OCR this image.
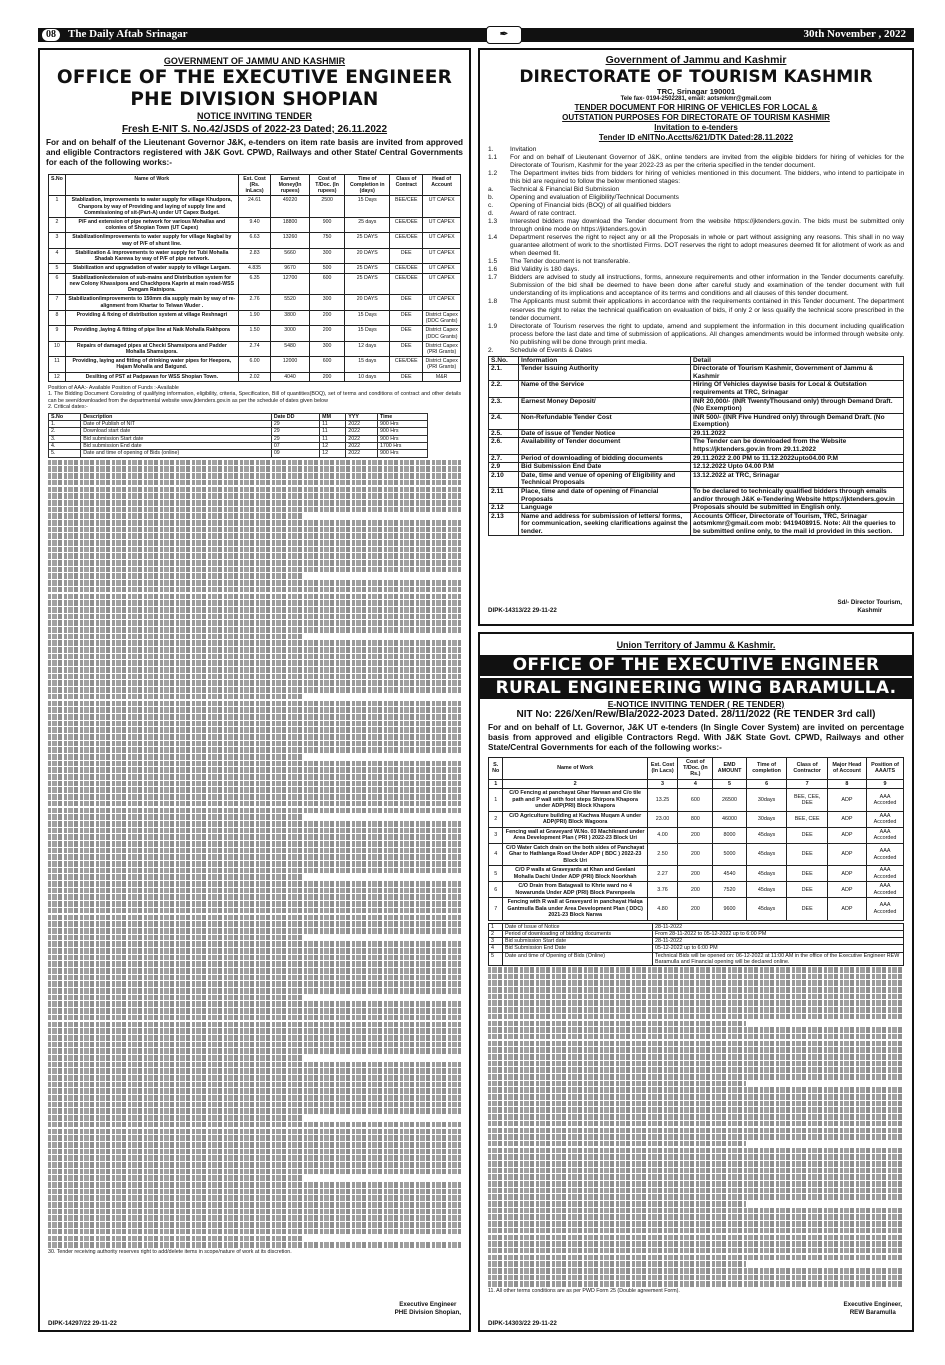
08	The Daily Aftab Srinagar	✒	30th November , 2022
GOVERNMENT OF JAMMU AND KASHMIR
OFFICE OF THE EXECUTIVE ENGINEER
PHE DIVISION SHOPIAN
NOTICE INVITING TENDER
Fresh E-NIT S. No.42/JSDS of 2022-23 Dated; 26.11.2022
For and on behalf of the Lieutenant Governor J&K, e-tenders on item rate basis are invited from approved and eligible Contractors registered with J&K Govt. CPWD, Railways and other State/ Central Governments for each of the following works:-
S.No	Name of Work	Est. Cost (Rs. inLacs)	Earnest Money(In rupees)	Cost of T/Doc. (In rupees)	Time of Completion in (days)	Class of Contract	Head of Account
1	Stablization, improvements to water supply for village Khudpora, Chanpora by way of Providing and laying of supply line and Commissioning of sit-(Part-A) under UT Capex Budget.	24.61	49220	2500	15 Days	BEE/CEE	UT CAPEX
2	P/F and extension of pipe network for various Mohallas and colonies of Shopian Town (UT Capex)	9.40	18800	900	25 days	CEE/DEE	UT CAPEX
3	Stabilization/improvements to water supply for village Nagbal by way of P/F of shunt line.	6.63	13260	750	25 DAYS	CEE/DEE	UT CAPEX
4	Stabilization & improvements to water supply for Tubi Mohalla Shadab Karewa by way of P/F of pipe network.	2.83	5660	300	20 DAYS	DEE	UT CAPEX
5	Stabilization and upgradation of water supply to village Largam.	4.835	9670	500	25 DAYS	CEE/DEE	UT CAPEX
6	Stabilization/extension of sub-mains and Distribution system for new Colony Khassipora and Chackhpora Kaprin at main road-WSS Dengam Ratnipora.	6.35	12700	600	25 DAYS	CEE/DEE	UT CAPEX
7	Stabilization/improvements to 150mm dia supply main by way of re-alignment from Khartar to Telwan Wuder .	2.76	5520	300	20 DAYS	DEE	UT CAPEX
8	Providing & fixing of distribution system at village Reshnagri	1.90	3800	200	15 Days	DEE	District Capex (DDC Grants)
9	Providing ,laying & fitting of pipe line at Naik Mohalla Rakhpora	1.50	3000	200	15 Days	DEE	District Capex (DDC Grants)
10	Repairs of damaged pipes at Checki Shamsipora and Padder Mohalla Shamsipora.	2.74	5480	300	12 days	DEE	District Capex (PRI Grants)
11	Providing, laying and fitting of drinking water pipes for Heepora, Hajam Mohalla and Batgund.	6.00	12000	600	15 days	CEE/DEE	District Capex (PRI Grants)
12	Desilting of PST at Padpawan for WSS Shopian Town.	2.02	4040	200	10 days	DEE	M&R
Position of AAA:- Available Position of Funds :-Available
1. The Bidding Document Consisting of qualifying information, eligibility, criteria, Specification, Bill of quantities(BOQ), set of terms and conditions of contract and other details can be seen/downloaded from the departmental website www.jktenders.gov.in as per the schedule of dates given below
2. Critical dates:-
S.No	Description	Date DD	MM	YYY	Time
1.	Date of Publish of NIT	29	11	2022	900 Hrs
2.	Download start date	29	11	2022	900 Hrs
3.	Bid submission Start date	29	11	2022	900 Hrs
4.	Bid submission End date	07	12	2022	1700 Hrs
5.	Date and time of opening of Bids (online)	09	12	2022	900 Hrs
30. Tender receiving authority reserves right to add/delete items in scope/nature of work at its discretion.
Executive Engineer
PHE Division Shopian,
DIPK-14297/22 29-11-22
Government of Jammu and Kashmir
DIRECTORATE OF TOURISM KASHMIR
TRC, Srinagar 190001
Tele fax- 0194-2502281, email: aotsmkmr@gmail.com
TENDER DOCUMENT FOR HIRING OF VEHICLES FOR LOCAL &
OUTSTATION PURPOSES FOR DIRECTORATE OF TOURISM KASHMIR
Invitation to e-tenders
Tender ID eNITNo.Acctts/621/DTK Dated:28.11.2022
1.	Invitation
1.1	For and on behalf of Lieutenant Governor of J&K, online tenders are invited from the eligible bidders for hiring of vehicles for the Directorate of Tourism, Kashmir for the year 2022-23 as per the criteria specified in the tender document.
1.2	The Department invites bids from bidders for hiring of vehicles mentioned in this document. The bidders, who intend to participate in this bid are required to follow the below mentioned stages:
a.	Technical & Financial Bid Submission
b.	Opening and evaluation of Eligibility/Technical Documents
c.	Opening of Financial bids (BOQ) of all qualified bidders
d.	Award of rate contract.
1.3	Interested bidders may download the Tender document from the website https://jktenders.gov.in. The bids must be submitted only through online mode on https://jktenders.gov.in
1.4	Department reserves the right to reject any or all the Proposals in whole or part without assigning any reasons. This shall in no way guarantee allotment of work to the shortlisted Firms. DOT reserves the right to adopt measures deemed fit for allotment of work as and when deemed fit.
1.5	The Tender document is not transferable.
1.6	Bid Validity is 180 days.
1.7	Bidders are advised to study all instructions, forms, annexure requirements and other information in the Tender documents carefully. Submission of the bid shall be deemed to have been done after careful study and examination of the tender document with full understanding of its implications and acceptance of its terms and conditions and all clauses of this tender document.
1.8	The Applicants must submit their applications in accordance with the requirements contained in this Tender document. The department reserves the right to relax the technical qualification on evaluation of bids, if only 2 or less qualify the technical score prescribed in the tender document.
1.9	Directorate of Tourism reserves the right to update, amend and supplement the information in this document including qualification process before the last date and time of submission of applications. All changes amendments would be informed through website only. No publishing will be done through print media.
2.	Schedule of Events & Dates
S.No.	Information	Detail
2.1.	Tender Issuing Authority	Directorate of Tourism Kashmir, Government of Jammu & Kashmir
2.2.	Name of the Service	Hiring Of Vehicles daywise basis for Local & Outstation requirements at TRC, Srinagar
2.3.	Earnest Money Deposit/	INR 20,000/- (INR TwentyThousand only) through Demand Draft. (No Exemption)
2.4.	Non-Refundable Tender Cost	INR 500/- (INR Five Hundred only) through Demand Draft. (No Exemption)
2.5.	Date of issue of Tender Notice	29.11.2022
2.6.	Availability of Tender document	The Tender can be downloaded from the Website https://jktenders.gov.in from 29.11.2022
2.7.	Period of downloading of bidding documents	29.11.2022 2.00 PM to 11.12.2022upto04.00 P.M
2.9	Bid Submission End Date	12.12.2022 Upto 04.00 P.M
2.10	Date, time and venue of opening of Eligibility and Technical Proposals	13.12.2022 at TRC, Srinagar
2.11	Place, time and date of opening of Financial Proposals	To be declared to technically qualified bidders through emails and/or through J&K e-Tendering Website https://jktenders.gov.in
2.12	Language	Proposals should be submitted in English only.
2.13	Name and address for submission of letters/ forms, for communication, seeking clarifications against the tender.	Accounts Officer, Directorate of Tourism, TRC, Srinagar aotsmkmr@gmail.com mob: 9419408915. Note: All the queries to be submitted online only, to the mail id provided in this section.
Sd/- Director Tourism,
Kashmir
DIPK-14313/22 29-11-22
Union Territory of Jammu & Kashmir.
OFFICE OF THE EXECUTIVE ENGINEER
RURAL ENGINEERING WING BARAMULLA.
E-NOTICE INVITING TENDER ( RE TENDER)
NIT No: 226/Xen/Rew/Bla/2022-2023 Dated. 28/11/2022 (RE TENDER 3rd call)
For and on behalf of Lt. Governor, J&K UT e-tenders (In Single Cover System) are invited on percentage basis from approved and eligible Contractors Regd. With J&K State Govt. CPWD, Railways and other State/Central Governments for each of the following works:-
S. No	Name of Work	Est. Cost (In Lacs)	Cost of T/Doc. (In Rs.)	EMD AMOUNT	Time of completion	Class of Contractor	Major Head of Account	Position of AAA/TS
1	2	3	4	5	6	7	8	9
1	C/O Fencing at panchayat Ghar Harwan and C/o tile path and P wall with foot steps Shirpora Khapora under ADP(PRI) Block Khapora	13.25	600	26500	30days	BEE, CEE, DEE	ADP	AAA Accorded
2	C/O Agriculture building at Kachwa Muqam A under ADP(PRI) Block Wagoora	23.00	800	46000	30days	BEE, CEE	ADP	AAA Accorded
3	Fencing wall at Graveyard W.No. 03 Machikrand under Area Development Plan ( PRI ) 2022-23 Block Uri	4.00	200	8000	45days	DEE	ADP	AAA Accorded
4	C/O Water Catch drain on the both sides of Panchayat Ghar to Hathlanga Road Under ADP ( BDC ) 2022-23 Block Uri	2.50	200	5000	45days	DEE	ADP	AAA Accorded
5	C/O P walls at Graveyards at Khan and Geelani Mohalla Dachi Under ADP (PRI) Block Noorkhah	2.27	200	4540	45days	DEE	ADP	AAA Accorded
6	C/O Drain from Batagwali to Khrie ward no 4 Nowarunda Under ADP (PRI) Block Parenpeela	3.76	200	7520	45days	DEE	ADP	AAA Accorded
7	Fencing with R wall at Graveyard in panchayat Halqa Gantmulla Bala under Area Development Plan ( DDC) 2021-23 Block Narwa	4.80	200	9600	45days	DEE	ADP	AAA Accorded
1	Date of Issue of Notice	28-11-2022
2	Period of downloading of bidding documents	From 28-11-2022 to 05-12-2022 up to 6:00 PM
3	Bid submission Start date	28-11-2022
4	Bid Submission End Date	05-12-2022 up to 6:00 PM
5	Date and time of Opening of Bids (Online)	Technical Bids will be opened on: 06-12-2022 at 11:00 AM in the office of the Executive Engineer REW Baramulla and Financial opening will be declared online.
11. All other terms conditions are as per PWD Form 25 (Double agreement Form).
Executive Engineer,
REW Baramulla
DIPK-14303/22 29-11-22
